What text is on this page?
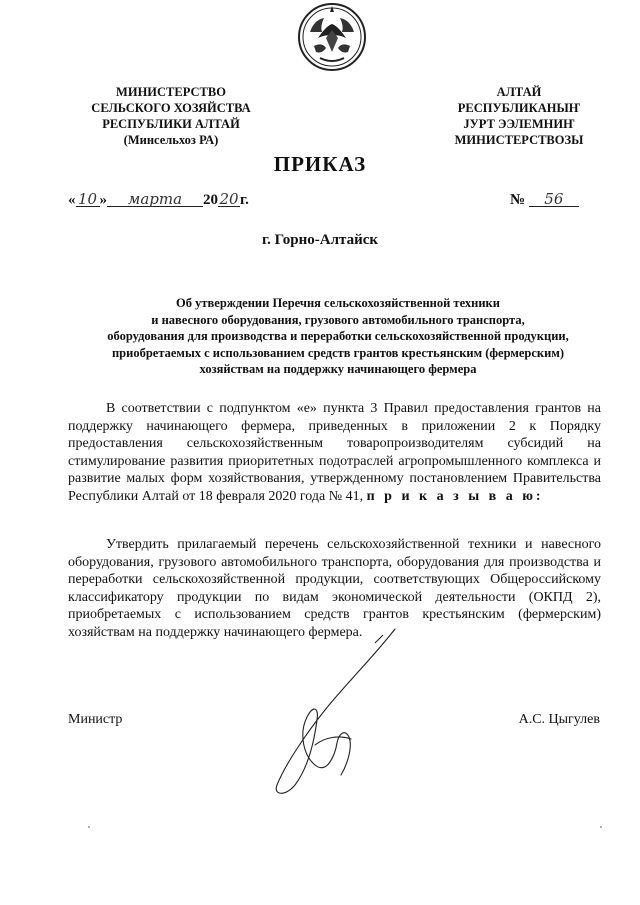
МИНИСТЕРСТВО
СЕЛЬСКОГО ХОЗЯЙСТВА
РЕСПУБЛИКИ АЛТАЙ
(Минсельхоз РА)
АЛТАЙ
РЕСПУБЛИКАНЫҤ
ЈУРТ ЭЭЛЕМНИҤ
МИНИСТЕРСТВОЗЫ
ПРИКАЗ
« 10 » марта 2020г.	№ 56
г. Горно-Алтайск
Об утверждении Перечня сельскохозяйственной техники
и навесного оборудования, грузового автомобильного транспорта,
оборудования для производства и переработки сельскохозяйственной продукции,
приобретаемых с использованием средств грантов крестьянским (фермерским)
хозяйствам на поддержку начинающего фермера
В соответствии с подпунктом «е» пункта 3 Правил предоставления грантов на поддержку начинающего фермера, приведенных в приложении 2 к Порядку предоставления сельскохозяйственным товаропроизводителям субсидий на стимулирование развития приоритетных подотраслей агропромышленного комплекса и развитие малых форм хозяйствования, утвержденному постановлением Правительства Республики Алтай от 18 февраля 2020 года № 41, п р и к а з ы в а ю:
Утвердить прилагаемый перечень сельскохозяйственной техники и навесного оборудования, грузового автомобильного транспорта, оборудования для производства и переработки сельскохозяйственной продукции, соответствующих Общероссийскому классификатору продукции по видам экономической деятельности (ОКПД 2), приобретаемых с использованием средств грантов крестьянским (фермерским) хозяйствам на поддержку начинающего фермера.
Министр	А.С. Цыгулев
